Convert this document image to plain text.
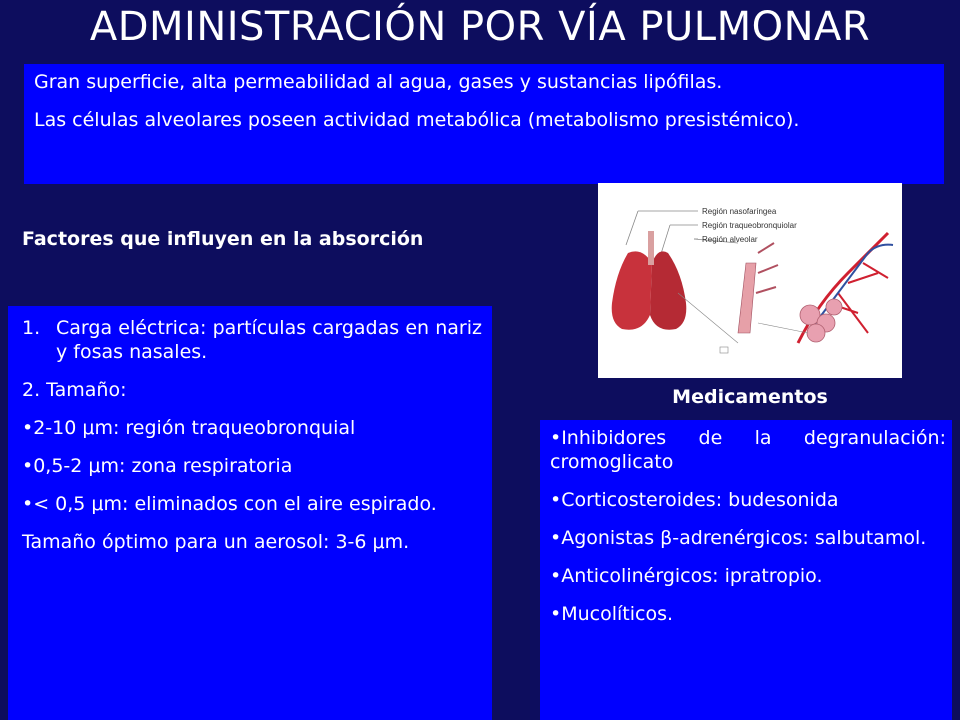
ADMINISTRACIÓN POR VÍA PULMONAR

Gran superficie, alta permeabilidad al agua, gases y sustancias lipófilas.

Las células alveolares poseen actividad metabólica (metabolismo presistémico).

Factores que influyen en la absorción

1. Carga eléctrica: partículas cargadas en nariz y fosas nasales.

2. Tamaño:

•2-10 μm: región traqueobronquial

•0,5-2 μm: zona respiratoria

•< 0,5 μm: eliminados con el aire espirado.

Tamaño óptimo para un aerosol: 3-6 μm.

Región nasofaríngea
Región traqueobronquiolar
Región alveolar
Medicamentos

•Inhibidores de la degranulación: cromoglicato

•Corticosteroides: budesonida

•Agonistas β-adrenérgicos: salbutamol.

•Anticolinérgicos: ipratropio.

•Mucolíticos.
